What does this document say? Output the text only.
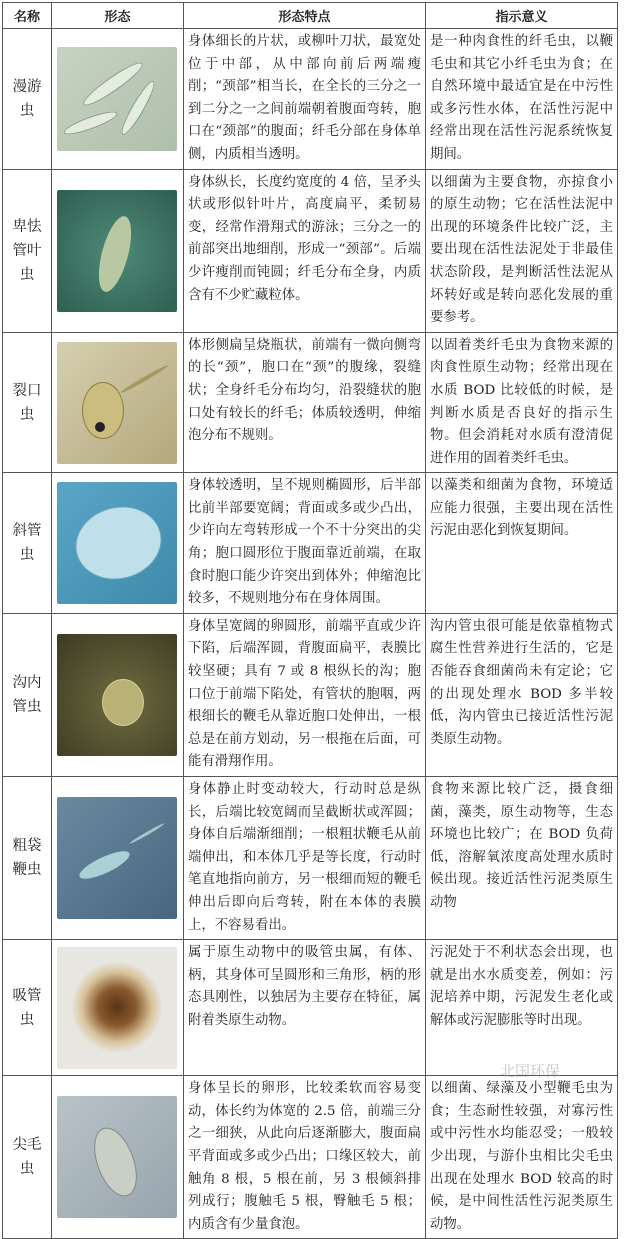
名称	形态	形态特点	指示意义
漫游虫		身体细长的片状，或柳叶刀状，最宽处位于中部，从中部向前后两端瘦削；“颈部”相当长，在全长的三分之一到二分之一之间前端朝着腹面弯转，胞口在“颈部”的腹面；纤毛分部在身体单侧，内质相当透明。	是一种肉食性的纤毛虫，以鞭毛虫和其它小纤毛虫为食；在自然环境中最适宜是在中污性或多污性水体，在活性污泥中经常出现在活性污泥系统恢复期间。
卑怯管叶虫		身体纵长，长度约宽度的 4 倍，呈矛头状或形似针叶片，高度扁平，柔韧易变，经常作滑翔式的游泳；三分之一的前部突出地细削，形成一“颈部”。后端少许瘦削而钝圆；纤毛分布全身，内质含有不少贮藏粒体。	以细菌为主要食物，亦掠食小的原生动物；它在活性法泥中出现的环境条件比较广泛，主要出现在活性法泥处于非最佳状态阶段，是判断活性法泥从坏转好或是转向恶化发展的重要参考。
裂口虫		体形侧扁呈烧瓶状，前端有一微向侧弯的长“颈”，胞口在“颈”的腹缘，裂缝状；全身纤毛分布均匀，沿裂缝状的胞口处有较长的纤毛；体质较透明，伸缩泡分布不规则。	以固着类纤毛虫为食物来源的肉食性原生动物；经常出现在水质 BOD 比较低的时候，是判断水质是否良好的指示生物。但会消耗对水质有澄清促进作用的固着类纤毛虫。
斜管虫		身体较透明，呈不规则椭圆形，后半部比前半部要宽阔；背面或多或少凸出，少许向左弯转形成一个不十分突出的尖角；胞口圆形位于腹面靠近前端，在取食时胞口能少许突出到体外；伸缩泡比较多，不规则地分布在身体周围。	以藻类和细菌为食物，环境适应能力很强，主要出现在活性污泥由恶化到恢复期间。
沟内管虫		身体呈宽阔的卵圆形，前端平直或少许下陷，后端浑圆，背腹面扁平，表膜比较坚硬；具有 7 或 8 根纵长的沟；胞口位于前端下陷处，有管状的胞咽，两根细长的鞭毛从靠近胞口处伸出，一根总是在前方划动，另一根拖在后面，可能有滑翔作用。	沟内管虫很可能是依靠植物式腐生性营养进行生活的，它是否能吞食细菌尚未有定论；它的出现处理水 BOD 多半较低，沟内管虫已接近活性污泥类原生动物。
粗袋鞭虫		身体静止时变动较大，行动时总是纵长，后端比较宽阔而呈截断状或浑圆；身体自后端渐细削；一根粗状鞭毛从前端伸出，和本体几乎是等长度，行动时笔直地指向前方，另一根细而短的鞭毛伸出后即向后弯转，附在本体的表膜上，不容易看出。	食物来源比较广泛，摄食细菌，藻类，原生动物等，生态环境也比较广；在 BOD 负荷低，溶解氧浓度高处理水质时候出现。接近活性污泥类原生动物
吸管虫		属于原生动物中的吸管虫属，有体、柄，其身体可呈圆形和三角形，柄的形态具刚性，以独居为主要存在特征，属附着类原生动物。	污泥处于不利状态会出现，也就是出水水质变差，例如：污泥培养中期，污泥发生老化或解体或污泥膨胀等时出现。
尖毛虫		身体呈长的卵形，比较柔软而容易变动，体长约为体宽的 2.5 倍，前端三分之一细狭，从此向后逐渐膨大，腹面扁平背面或多或少凸出；口缘区较大，前触角 8 根，5 根在前，另 3 根倾斜排列成行；腹触毛 5 根，臀触毛 5 根；内质含有少量食泡。	以细菌、绿藻及小型鞭毛虫为食；生态耐性较强，对寡污性或中污性水均能忍受；一般较少出现，与游仆虫相比尖毛虫出现在处理水 BOD 较高的时候，是中间性活性污泥类原生动物。
北国环保
